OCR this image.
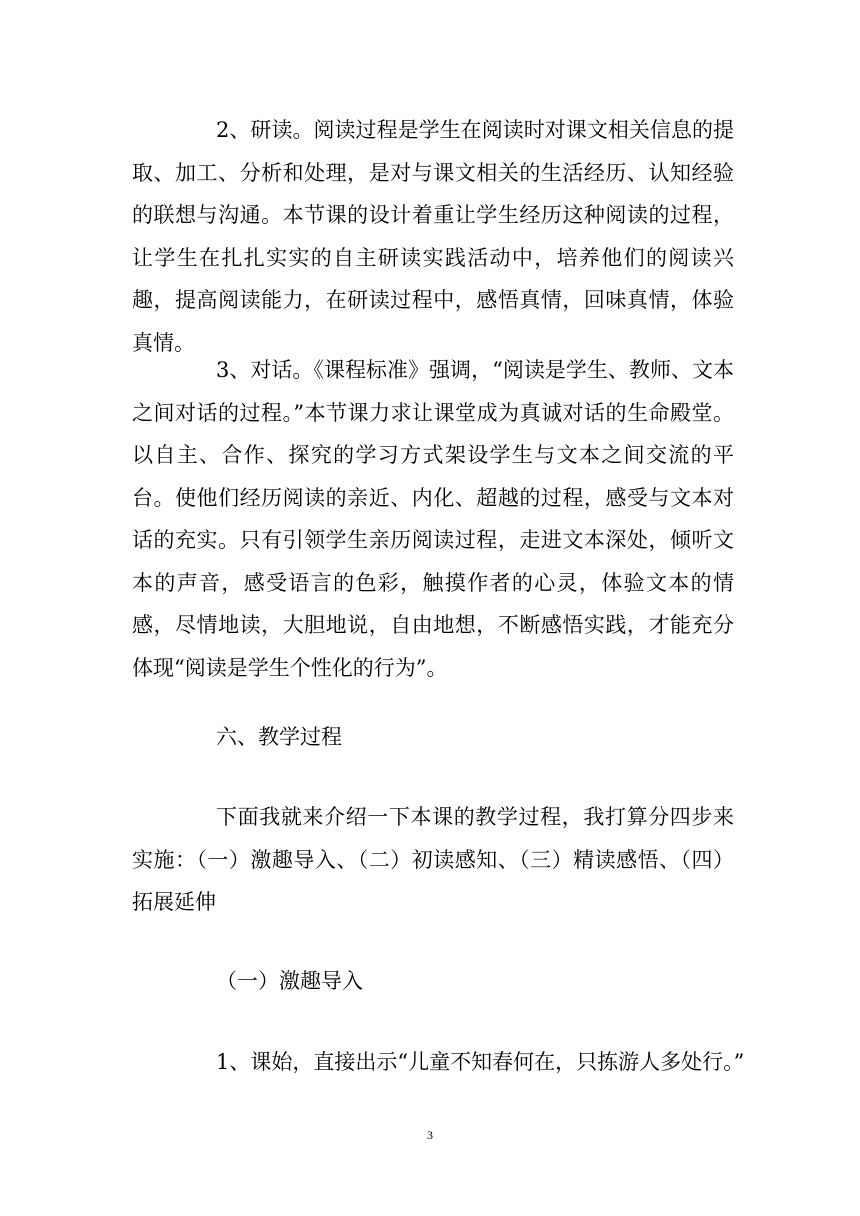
2、研读。阅读过程是学生在阅读时对课文相关信息的提取、加工、分析和处理，是对与课文相关的生活经历、认知经验的联想与沟通。本节课的设计着重让学生经历这种阅读的过程，让学生在扎扎实实的自主研读实践活动中，培养他们的阅读兴趣，提高阅读能力，在研读过程中，感悟真情，回味真情，体验真情。

3、对话。《课程标准》强调，“阅读是学生、教师、文本之间对话的过程。”本节课力求让课堂成为真诚对话的生命殿堂。以自主、合作、探究的学习方式架设学生与文本之间交流的平台。使他们经历阅读的亲近、内化、超越的过程，感受与文本对话的充实。只有引领学生亲历阅读过程，走进文本深处，倾听文本的声音，感受语言的色彩，触摸作者的心灵，体验文本的情感，尽情地读，大胆地说，自由地想，不断感悟实践，才能充分体现“阅读是学生个性化的行为”。

六、教学过程

下面我就来介绍一下本课的教学过程，我打算分四步来实施：（一）激趣导入、（二）初读感知、（三）精读感悟、（四）拓展延伸

（一）激趣导入

1、课始，直接出示“儿童不知春何在，只拣游人多处行。”

3
